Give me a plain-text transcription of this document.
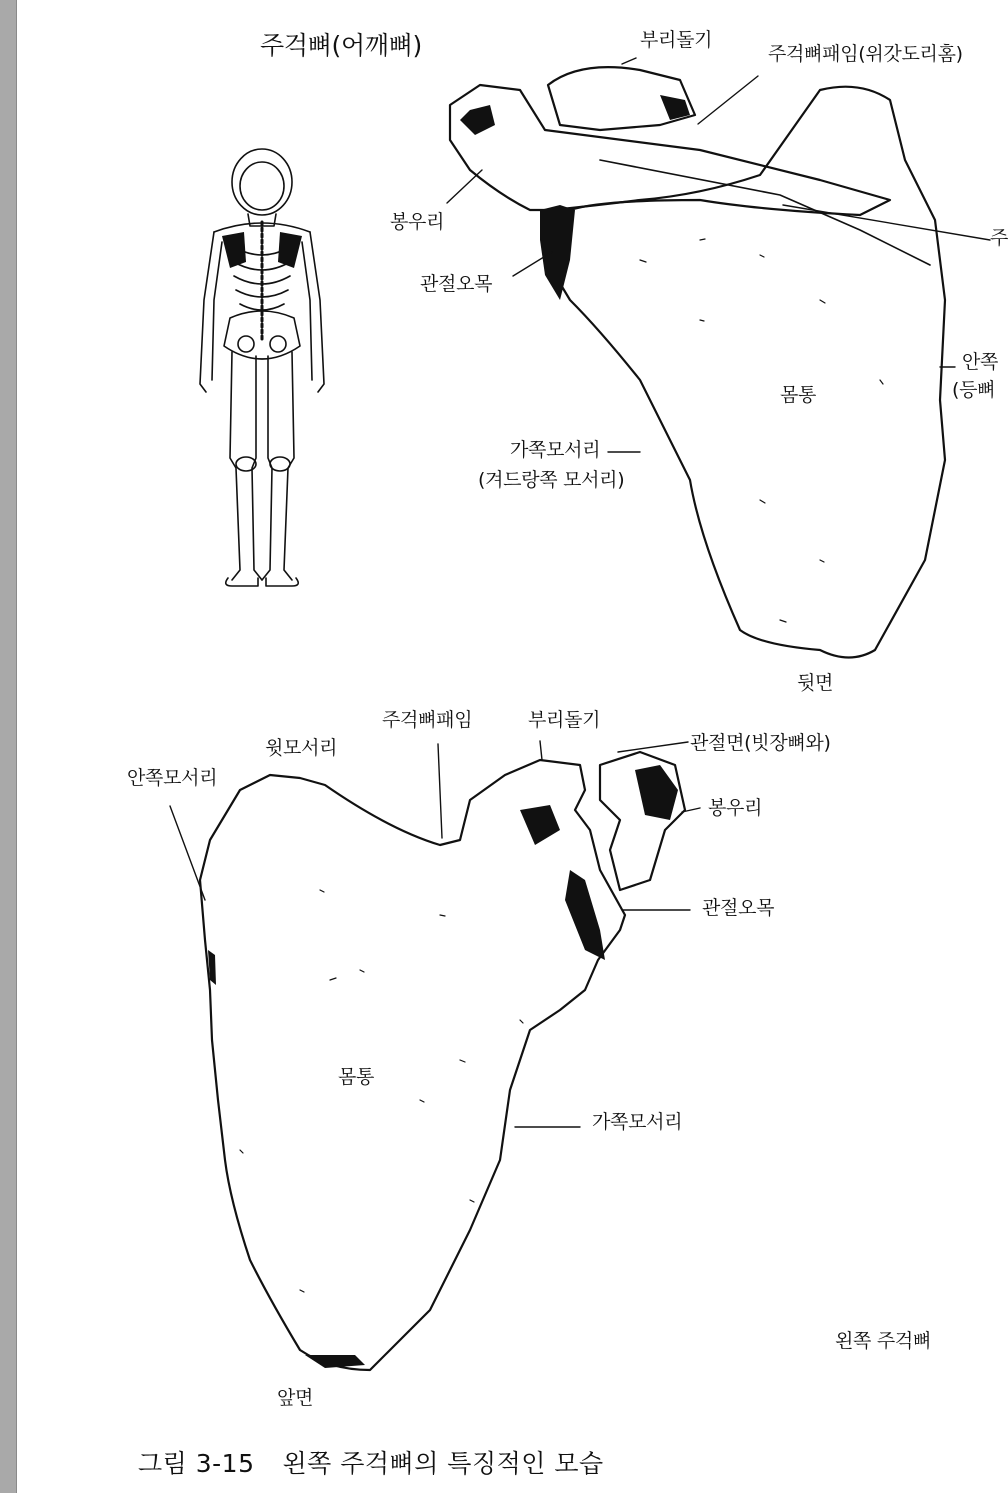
주걱뼈(어깨뼈)	부리돌기
주걱뼈패임(위갓도리홈)
봉우리
관절오목
주
안쪽
(등뼈
몸통
가쪽모서리
(겨드랑쪽 모서리)
뒷면
주걱뼈패임	부리돌기
윗모서리	관절면(빗장뼈와)
안쪽모서리
봉우리
관절오목
몸통
가쪽모서리
왼쪽 주걱뼈
앞면
그림 3-15 왼쪽 주걱뼈의 특징적인 모습
